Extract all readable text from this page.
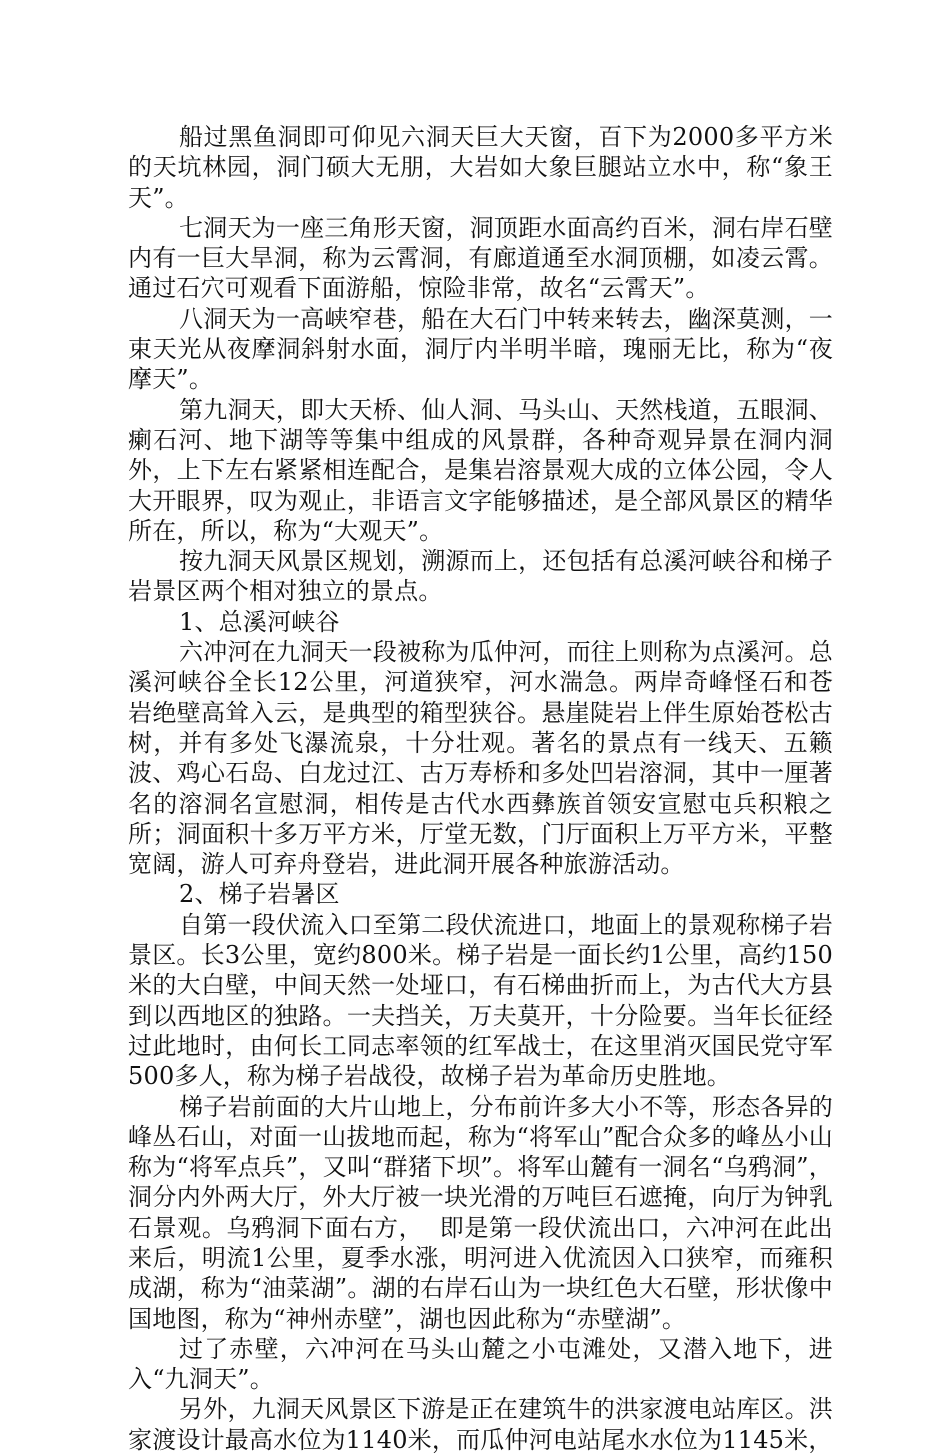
船过黑鱼洞即可仰见六洞天巨大天窗，百下为2000多平方米的天坑林园，洞门硕大无朋，大岩如大象巨腿站立水中，称“象王天”。

七洞天为一座三角形天窗，洞顶距水面高约百米，洞右岸石壁内有一巨大旱洞，称为云霄洞，有廊道通至水洞顶棚，如凌云霄。通过石穴可观看下面游船，惊险非常，故名“云霄天”。

八洞天为一高峡窄巷，船在大石门中转来转去，幽深莫测，一束天光从夜摩洞斜射水面，洞厅内半明半暗，瑰丽无比，称为“夜摩天”。

第九洞天，即大天桥、仙人洞、马头山、天然栈道，五眼洞、瘌石河、地下湖等等集中组成的风景群，各种奇观异景在洞内洞外，上下左右紧紧相连配合，是集岩溶景观大成的立体公园，令人大开眼界，叹为观止，非语言文字能够描述，是仝部风景区的精华所在，所以，称为“大观天”。

按九洞天风景区规划，溯源而上，还包括有总溪河峡谷和梯子岩景区两个相对独立的景点。

1、总溪河峡谷

六冲河在九洞天一段被称为瓜仲河，而往上则称为点溪河。总溪河峡谷全长12公里，河道狭窄，河水湍急。两岸奇峰怪石和苍岩绝壁高耸入云，是典型的箱型狭谷。悬崖陡岩上伴生原始苍松古树，并有多处飞瀑流泉，十分壮观。著名的景点有一线天、五籁波、鸡心石岛、白龙过江、古万寿桥和多处凹岩溶洞，其中一厘著名的溶洞名宣慰洞，相传是古代水西彝族首领安宣慰屯兵积粮之所；洞面积十多万平方米，厅堂无数，门厅面积上万平方米，平整宽阔，游人可弃舟登岩，进此洞开展各种旅游活动。

2、梯子岩暑区

自第一段伏流入口至第二段伏流进口，地面上的景观称梯子岩景区。长3公里，宽约800米。梯子岩是一面长约1公里，高约150米的大白壁，中间天然一处垭口，有石梯曲折而上，为古代大方县到以西地区的独路。一夫挡关，万夫莫开，十分险要。当年长征经过此地时，由何长工同志率领的红军战士，在这里消灭国民党守军500多人，称为梯子岩战役，故梯子岩为革命历史胜地。

梯子岩前面的大片山地上，分布前许多大小不等，形态各异的峰丛石山，对面一山拔地而起，称为“将军山”配合众多的峰丛小山称为“将军点兵”，又叫“群猪下坝”。将军山麓有一洞名“乌鸦洞”，洞分内外两大厅，外大厅被一块光滑的万吨巨石遮掩，向厅为钟乳石景观。乌鸦洞下面右方，  即是第一段伏流出口，六冲河在此出来后，明流1公里，夏季水涨，明河进入优流因入口狭窄，而雍积成湖，称为“油菜湖”。湖的右岸石山为一块红色大石壁，形状像中国地图，称为“神州赤壁”，湖也因此称为“赤壁湖”。

过了赤壁，六冲河在马头山麓之小屯滩处，又潜入地下，进入“九洞天”。

另外，九洞天风景区下游是正在建筑牛的洪家渡电站库区。洪家渡设计最高水位为1140米，而瓜仲河电站尾水水位为1145米，
